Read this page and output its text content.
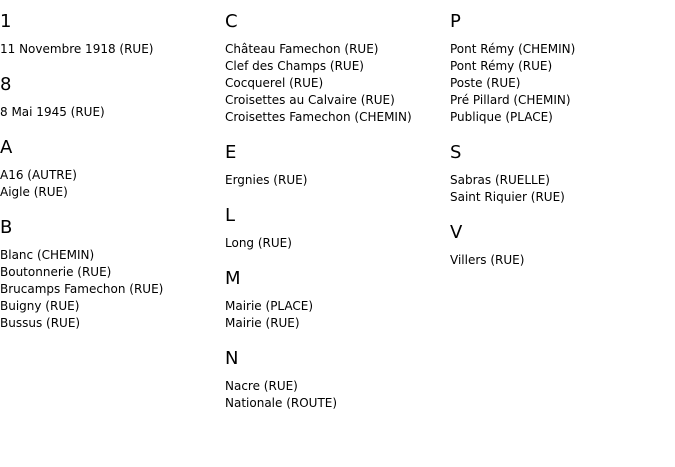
1
11 Novembre 1918 (RUE)
8
8 Mai 1945 (RUE)
A
A16 (AUTRE)
Aigle (RUE)
B
Blanc (CHEMIN)
Boutonnerie (RUE)
Brucamps Famechon (RUE)
Buigny (RUE)
Bussus (RUE)
C
Château Famechon (RUE)
Clef des Champs (RUE)
Cocquerel (RUE)
Croisettes au Calvaire (RUE)
Croisettes Famechon (CHEMIN)
E
Ergnies (RUE)
L
Long (RUE)
M
Mairie (PLACE)
Mairie (RUE)
N
Nacre (RUE)
Nationale (ROUTE)
P
Pont Rémy (CHEMIN)
Pont Rémy (RUE)
Poste (RUE)
Pré Pillard (CHEMIN)
Publique (PLACE)
S
Sabras (RUELLE)
Saint Riquier (RUE)
V
Villers (RUE)
